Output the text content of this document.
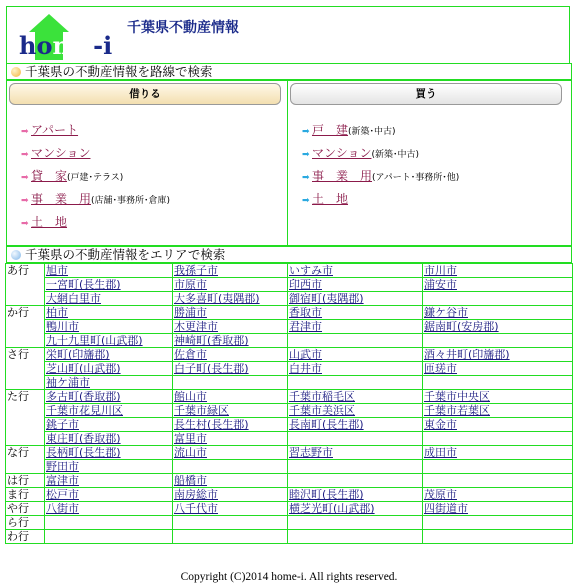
home-i
千葉県不動産情報
千葉県の不動産情報を路線で検索
借りる
➡ アパート
➡ マンション
➡ 貸　家(戸建･テラス)
➡ 事　業　用(店舗･事務所･倉庫)
➡ 土　地
買う
➡ 戸　建(新築･中古)
➡ マンション(新築･中古)
➡ 事　業　用(アパート･事務所･他)
➡ 土　地
千葉県の不動産情報をエリアで検索
あ行	旭市	我孫子市	いすみ市	市川市
	一宮町(長生郡)	市原市	印西市	浦安市
	大網白里市	大多喜町(夷隅郡)	御宿町(夷隅郡)	
か行	柏市	勝浦市	香取市	鎌ケ谷市
	鴨川市	木更津市	君津市	鋸南町(安房郡)
	九十九里町(山武郡)	神崎町(香取郡)		
さ行	栄町(印旛郡)	佐倉市	山武市	酒々井町(印旛郡)
	芝山町(山武郡)	白子町(長生郡)	白井市	匝瑳市
	袖ケ浦市			
た行	多古町(香取郡)	館山市	千葉市稲毛区	千葉市中央区
	千葉市花見川区	千葉市緑区	千葉市美浜区	千葉市若葉区
	銚子市	長生村(長生郡)	長南町(長生郡)	東金市
	東庄町(香取郡)	富里市		
な行	長柄町(長生郡)	流山市	習志野市	成田市
	野田市			
は行	富津市	船橋市		
ま行	松戸市	南房総市	睦沢町(長生郡)	茂原市
や行	八街市	八千代市	横芝光町(山武郡)	四街道市
ら行				
わ行				
Copyright (C)2014 home-i. All rights reserved.
